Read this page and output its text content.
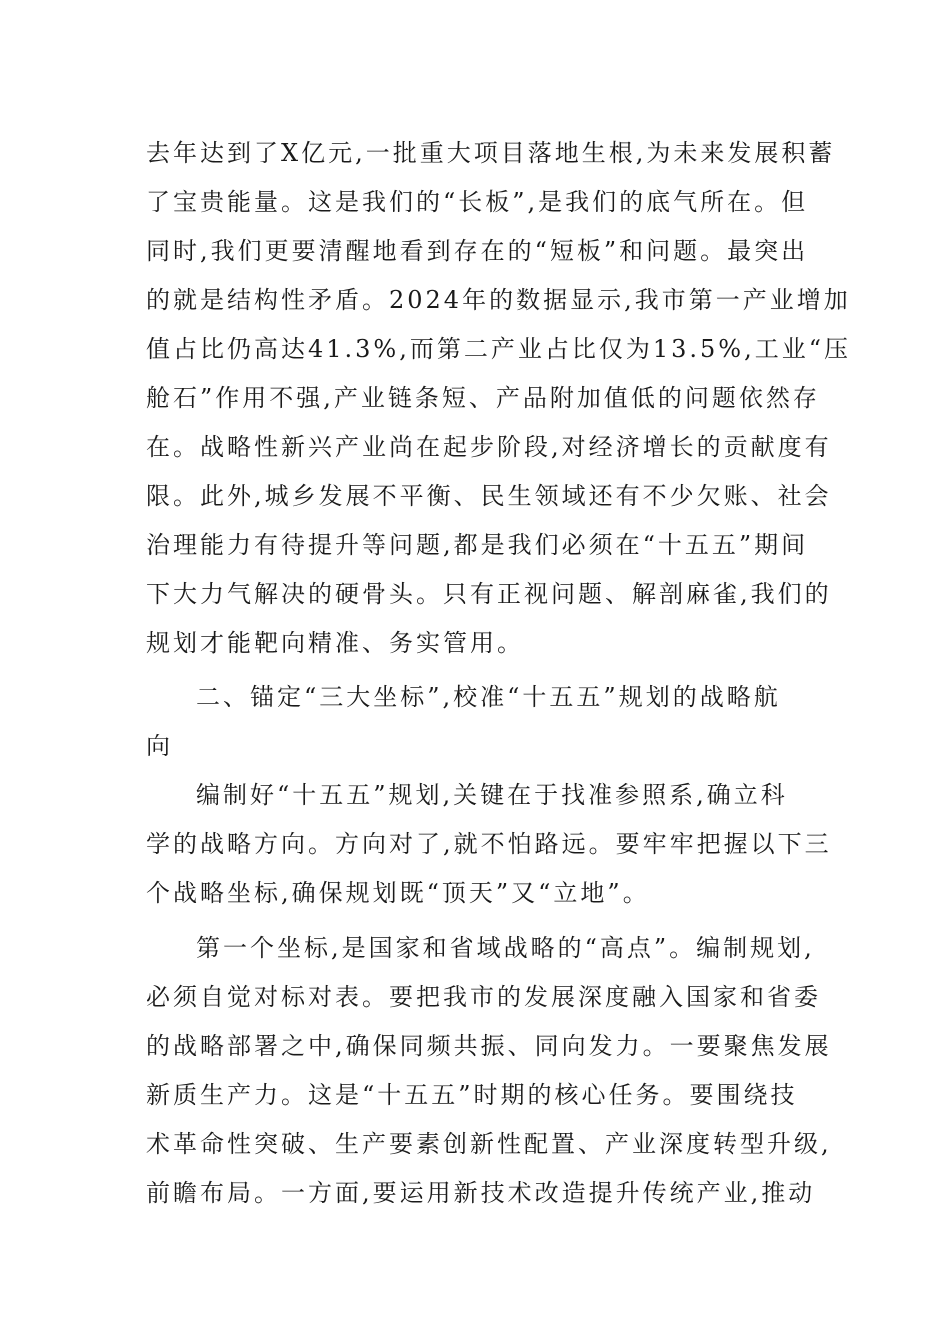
去年达到了X亿元,一批重大项目落地生根,为未来发展积蓄
了宝贵能量。这是我们的“长板”,是我们的底气所在。但
同时,我们更要清醒地看到存在的“短板”和问题。最突出
的就是结构性矛盾。2024年的数据显示,我市第一产业增加
值占比仍高达41.3%,而第二产业占比仅为13.5%,工业“压
舱石”作用不强,产业链条短、产品附加值低的问题依然存
在。战略性新兴产业尚在起步阶段,对经济增长的贡献度有
限。此外,城乡发展不平衡、民生领域还有不少欠账、社会
治理能力有待提升等问题,都是我们必须在“十五五”期间
下大力气解决的硬骨头。只有正视问题、解剖麻雀,我们的
规划才能靶向精准、务实管用。
二、锚定“三大坐标”,校准“十五五”规划的战略航
向
编制好“十五五”规划,关键在于找准参照系,确立科
学的战略方向。方向对了,就不怕路远。要牢牢把握以下三
个战略坐标,确保规划既“顶天”又“立地”。
第一个坐标,是国家和省域战略的“高点”。编制规划,
必须自觉对标对表。要把我市的发展深度融入国家和省委
的战略部署之中,确保同频共振、同向发力。一要聚焦发展
新质生产力。这是“十五五”时期的核心任务。要围绕技
术革命性突破、生产要素创新性配置、产业深度转型升级,
前瞻布局。一方面,要运用新技术改造提升传统产业,推动
